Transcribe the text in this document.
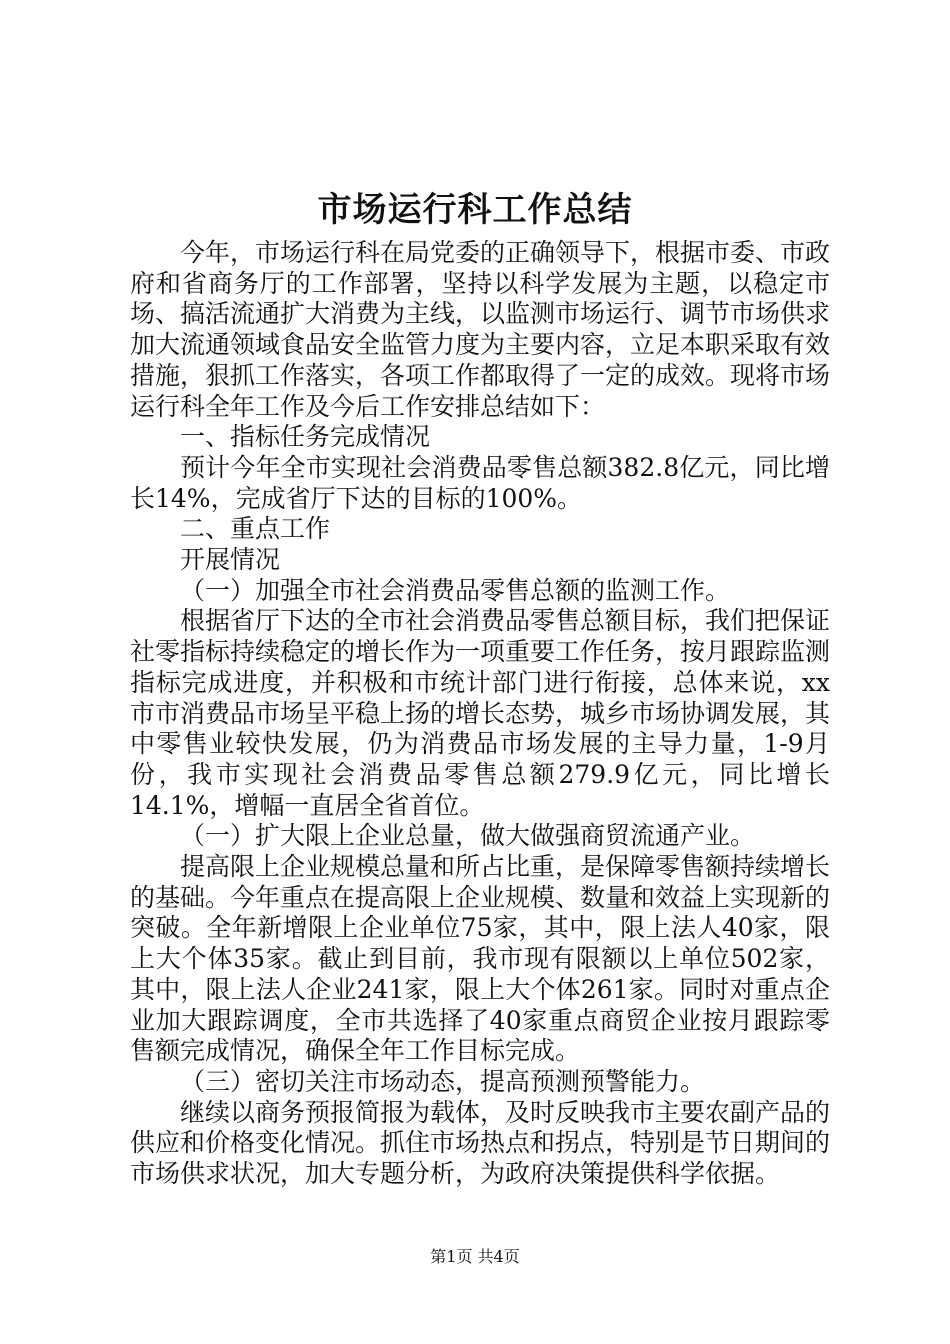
市场运行科工作总结

今年，市场运行科在局党委的正确领导下，根据市委、市政府和省商务厅的工作部署，坚持以科学发展为主题，以稳定市场、搞活流通扩大消费为主线，以监测市场运行、调节市场供求加大流通领域食品安全监管力度为主要内容，立足本职采取有效措施，狠抓工作落实，各项工作都取得了一定的成效。现将市场运行科全年工作及今后工作安排总结如下：

一、指标任务完成情况

预计今年全市实现社会消费品零售总额382.8亿元，同比增长14%，完成省厅下达的目标的100%。

二、重点工作

开展情况

（一）加强全市社会消费品零售总额的监测工作。

根据省厅下达的全市社会消费品零售总额目标，我们把保证社零指标持续稳定的增长作为一项重要工作任务，按月跟踪监测指标完成进度，并积极和市统计部门进行衔接，总体来说，xx市市消费品市场呈平稳上扬的增长态势，城乡市场协调发展，其中零售业较快发展，仍为消费品市场发展的主导力量，1-9月份，我市实现社会消费品零售总额279.9亿元，同比增长14.1%，增幅一直居全省首位。

（一）扩大限上企业总量，做大做强商贸流通产业。

提高限上企业规模总量和所占比重，是保障零售额持续增长的基础。今年重点在提高限上企业规模、数量和效益上实现新的突破。全年新增限上企业单位75家，其中，限上法人40家，限上大个体35家。截止到目前，我市现有限额以上单位502家，其中，限上法人企业241家，限上大个体261家。同时对重点企业加大跟踪调度，全市共选择了40家重点商贸企业按月跟踪零售额完成情况，确保全年工作目标完成。

（三）密切关注市场动态，提高预测预警能力。

继续以商务预报简报为载体，及时反映我市主要农副产品的供应和价格变化情况。抓住市场热点和拐点，特别是节日期间的市场供求状况，加大专题分析，为政府决策提供科学依据。

第1页 共4页
